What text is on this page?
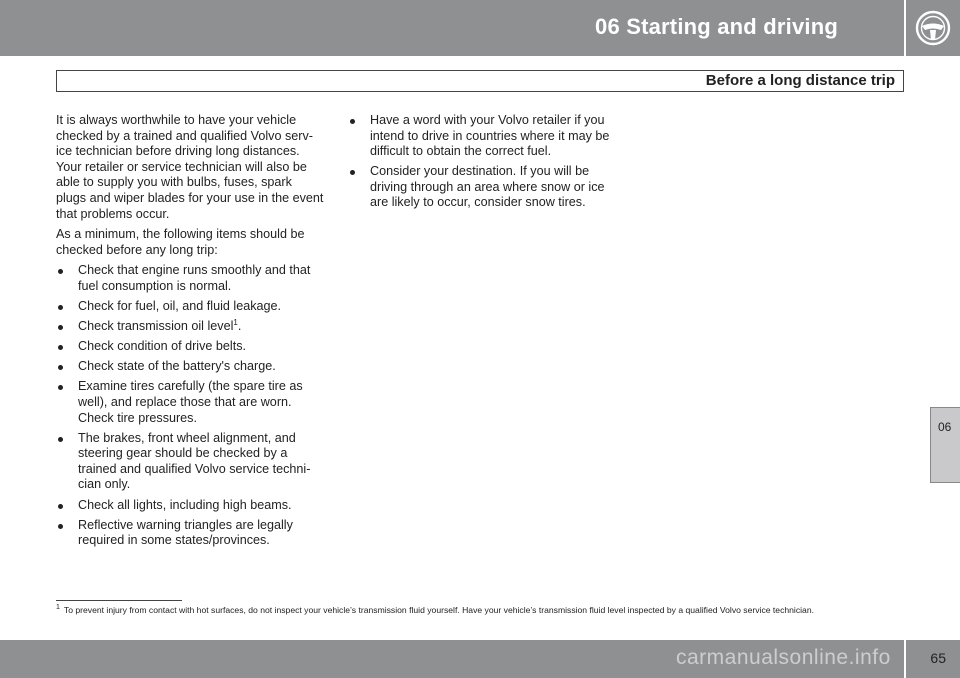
06 Starting and driving
Before a long distance trip
06

It is always worthwhile to have your vehicle checked by a trained and qualified Volvo serv-ice technician before driving long distances. Your retailer or service technician will also be able to supply you with bulbs, fuses, spark plugs and wiper blades for your use in the event that problems occur.

As a minimum, the following items should be checked before any long trip:

Check that engine runs smoothly and that fuel consumption is normal.
Check for fuel, oil, and fluid leakage.
Check transmission oil level$^1$.
Check condition of drive belts.
Check state of the battery's charge.
Examine tires carefully (the spare tire as well), and replace those that are worn. Check tire pressures.
The brakes, front wheel alignment, and steering gear should be checked by a trained and qualified Volvo service techni-cian only.
Check all lights, including high beams.
Reflective warning triangles are legally required in some states/provinces.
Have a word with your Volvo retailer if you intend to drive in countries where it may be difficult to obtain the correct fuel.
Consider your destination. If you will be driving through an area where snow or ice are likely to occur, consider snow tires.
$^1$ To prevent injury from contact with hot surfaces, do not inspect your vehicle’s transmission fluid yourself. Have your vehicle’s transmission fluid level inspected by a qualified Volvo service technician.
65
carmanualsonline.info
